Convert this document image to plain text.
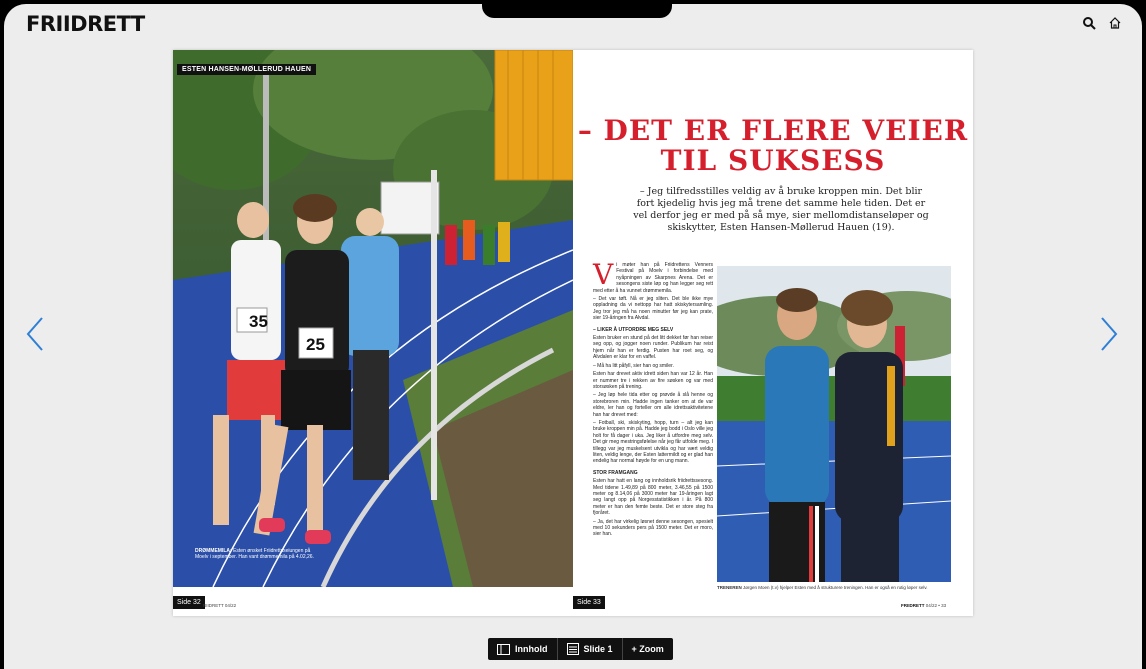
FRIIDRETT
35
25
ESTEN HANSEN-MØLLERUD HAUEN
DRØMMEMILA: Esten ønsket Friidrettsseiungen på Moelv i september. Han vant drømmemila på 4.02,26.
Side 32 RIIDRETT 04/22
– DET ER FLERE VEIER
TIL SUKSESS
– Jeg tilfredsstilles veldig av å bruke kroppen min. Det blir fort kjedelig hvis jeg må trene det samme hele tiden. Det er vel derfor jeg er med på så mye, sier mellomdistanseløper og skiskytter, Esten Hansen-Møllerud Hauen (19).

Vi møter han på Friidrettens Venners Festival på Moelv i forbindelse med nyåpningen av Skarpnes Arena. Det er sesongens siste løp og han legger seg rett med etter å ha vunnet drømmemila.

– Det var tøft. Nå er jeg sliten. Det ble ikke mye oppladning da vi nettopp har hatt skiskytersamling. Jeg tror jeg må ha noen minutter før jeg kan prate, sier 19-åringen fra Alvdal.

– LIKER Å UTFORDRE MEG SELV

Esten bruker en stund på det litt dekket før han reiser seg opp, og jogger noen runder. Publikum har reist hjem når han er ferdig. Pusten har roet seg, og Alvdalen er klar for en vaffel.

– Må ha litt påfyll, sier han og smiler.

Esten har drevet aktiv idrett siden han var 12 år. Han er nummer tre i rekken av fire søsken og var med storsøsken på trening.

– Jeg løp hele tida etter og prøvde å slå henne og storebroren min. Hadde ingen tanker om at de var eldre, ler han og forteller om alle idrettsaktivitetene han har drevet med:

– Fotball, ski, skiskyting, hopp, turn – alt jeg kan bruke kroppen min på. Hadde jeg bodd i Oslo ville jeg holt for få dager i uka. Jeg liker å utfordre meg selv. Det gir meg mestringsfølelse når jeg får utfolde meg. I tillegg var jeg muskelsent utvikla og har vært veldig liten, veldig lenge, der Esten lattermildt og er glad han endelig har normal høyde for en ung mann.

STOR FRAMGANG

Esten har hatt en lang og innholdsrik friidrettssesong. Med tidene 1.49,89 på 800 meter, 3.46,55 på 1500 meter og 8.14,06 på 3000 meter har 19-åringen lagt seg langt opp på Norgesstatistikken i år. På 800 meter er han den femte beste. Det er store steg fra fjoråret.

– Ja, det har virkelig løsnet denne sesongen, spesielt med 10 sekunders pers på 1500 meter. Det er moro, sier han.

TRENEREN Jørgen Moen (t.v) hjelper Esten med å strukturere treningen. Han er også en rutig løper selv.
Side 33	FRIIDRETT 04/22 • 33
Innhold	Slide 1 + Zoom
